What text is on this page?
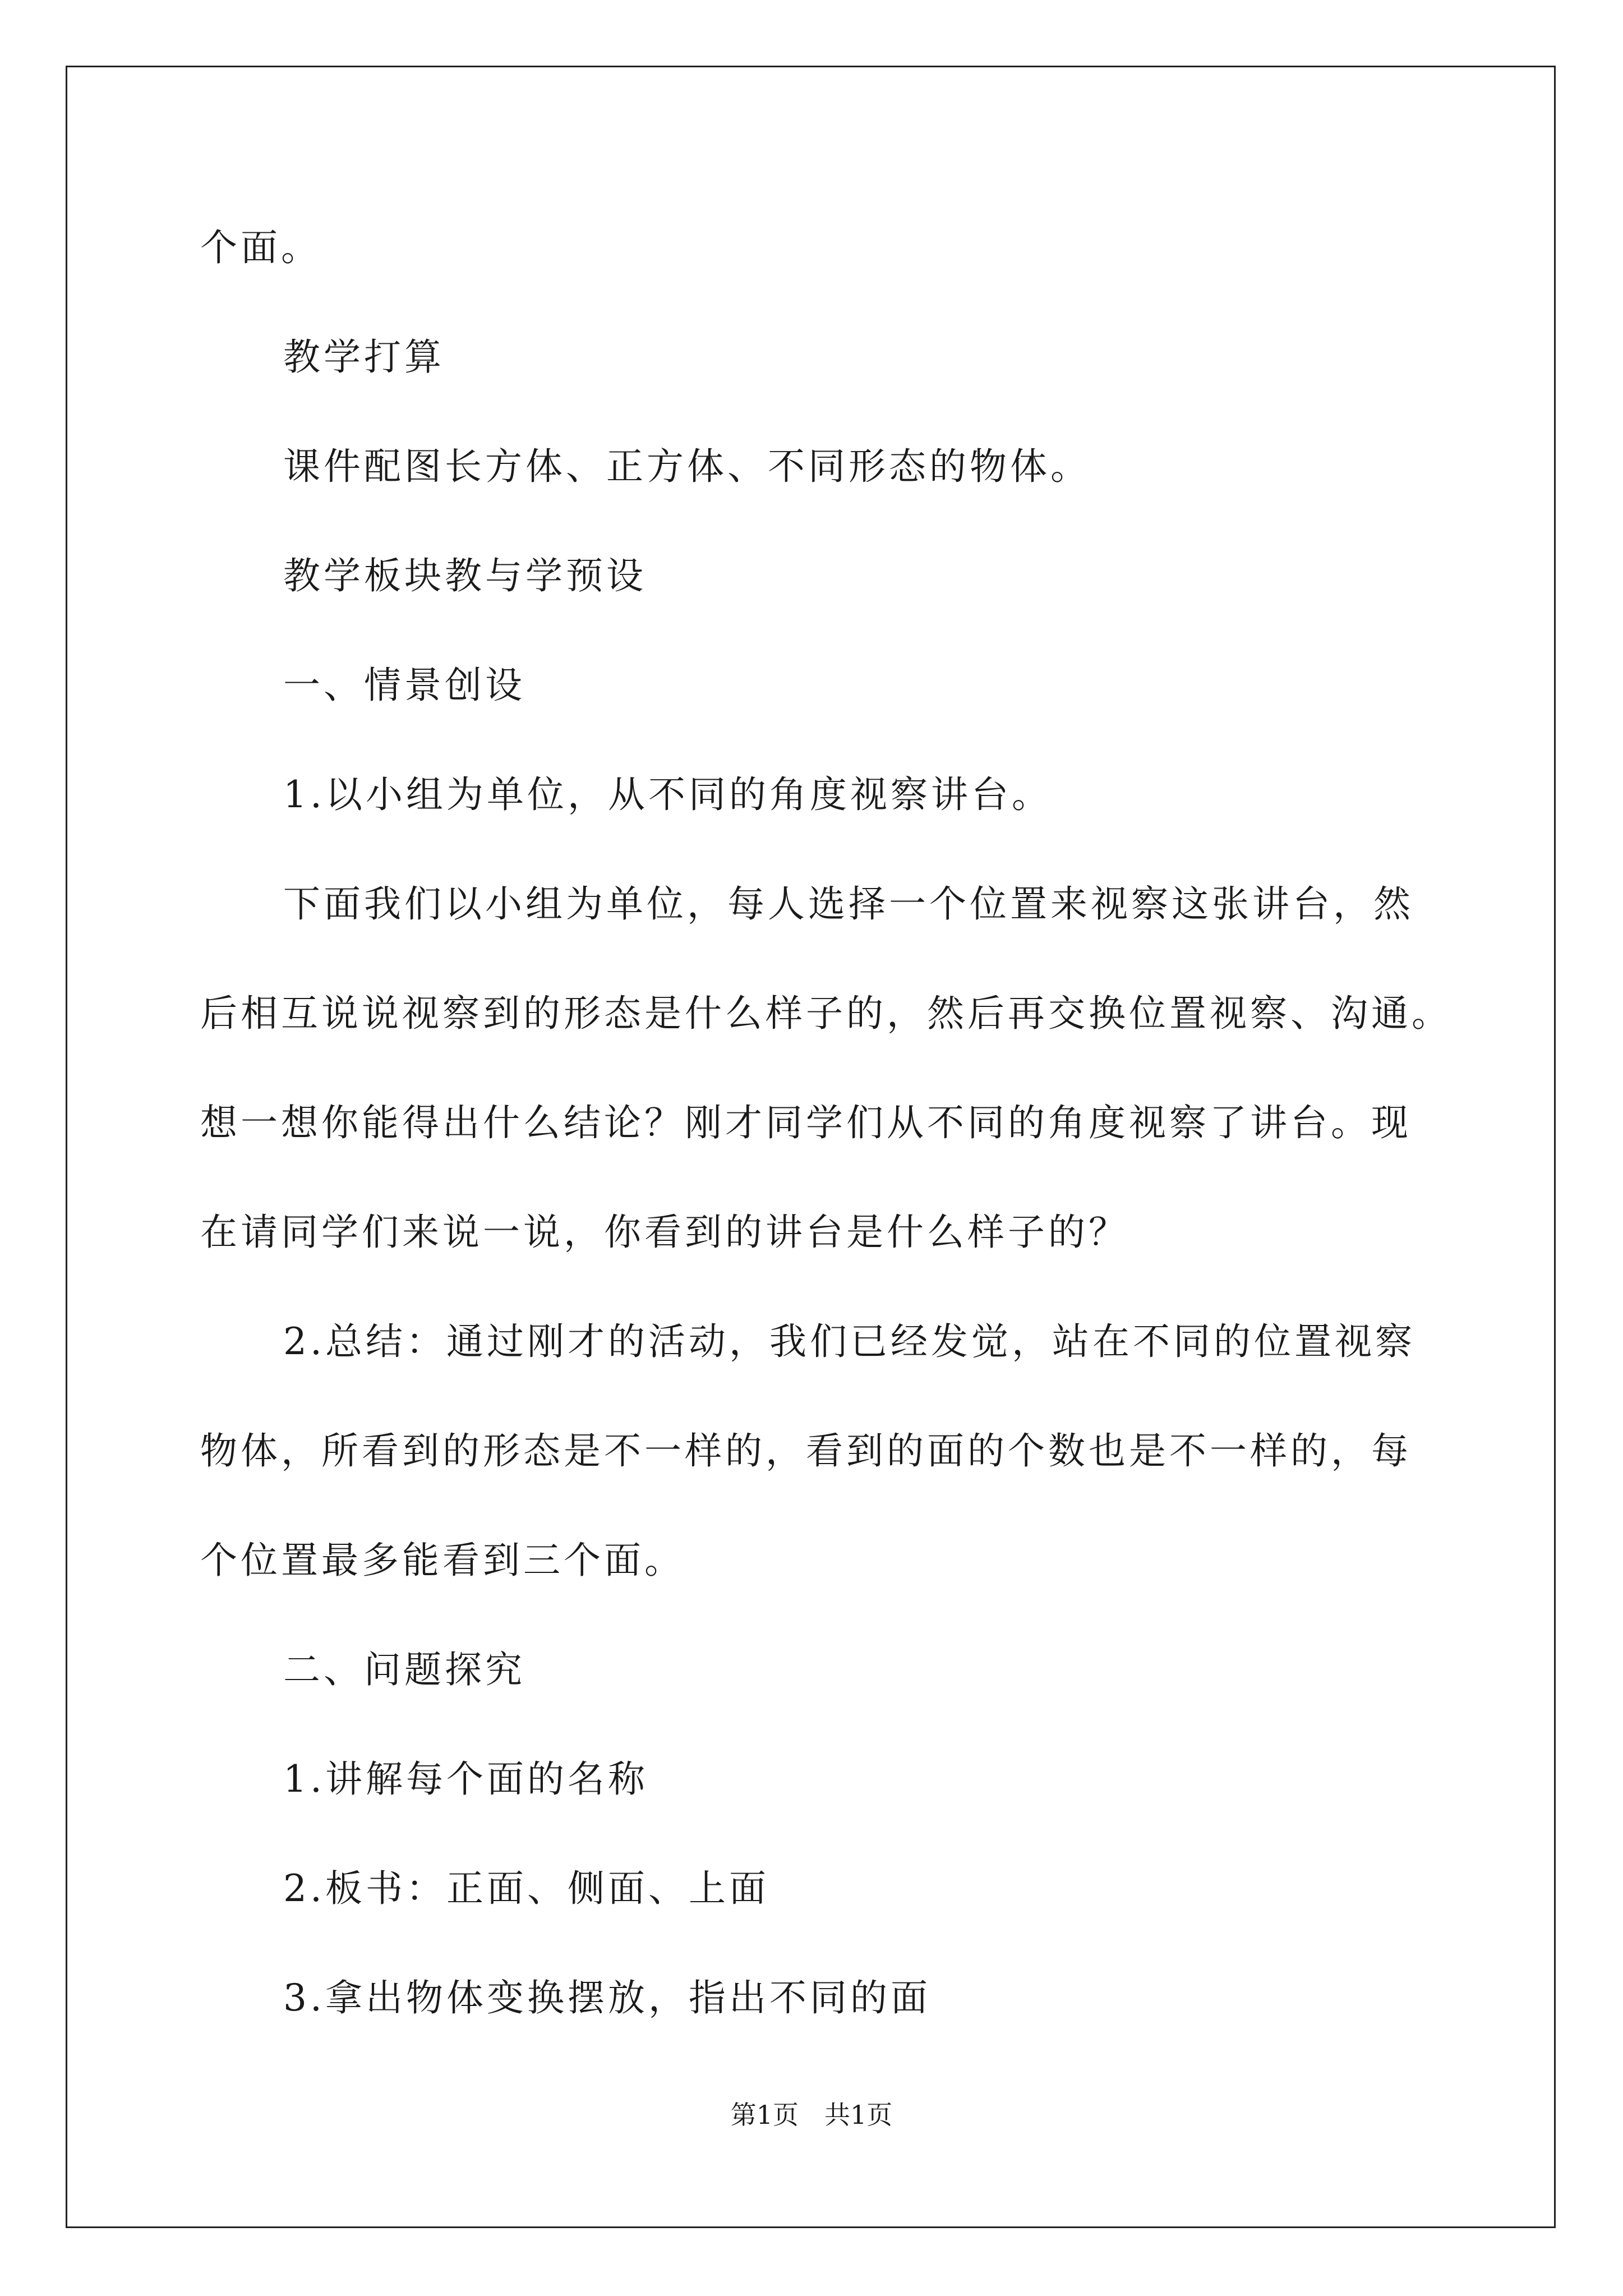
个面。
教学打算
课件配图长方体、正方体、不同形态的物体。
教学板块教与学预设
一、情景创设
1.以小组为单位，从不同的角度视察讲台。
下面我们以小组为单位，每人选择一个位置来视察这张讲台，然
后相互说说视察到的形态是什么样子的，然后再交换位置视察、沟通。
想一想你能得出什么结论？刚才同学们从不同的角度视察了讲台。现
在请同学们来说一说，你看到的讲台是什么样子的？
2.总结：通过刚才的活动，我们已经发觉，站在不同的位置视察
物体，所看到的形态是不一样的，看到的面的个数也是不一样的，每
个位置最多能看到三个面。
二、问题探究
1.讲解每个面的名称
2.板书：正面、侧面、上面
3.拿出物体变换摆放，指出不同的面
第1页　共1页
